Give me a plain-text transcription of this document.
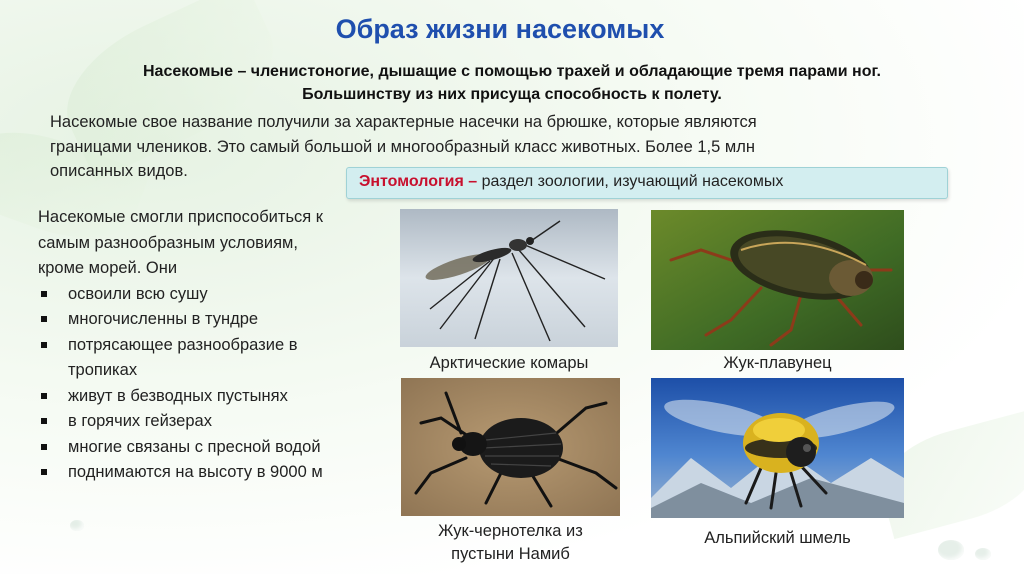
Образ жизни насекомых
Насекомые – членистоногие, дышащие с помощью трахей и обладающие тремя парами ног.
Большинству из них присуща способность к полету.
Насекомые свое название получили за характерные насечки на брюшке, которые являются
границами члеников. Это самый большой и многообразный класс животных. Более 1,5 млн
описанных видов.
Энтомология – раздел зоологии, изучающий насекомых
Насекомые смогли приспособиться к
самым разнообразным условиям,
кроме морей. Они
освоили всю сушу
многочисленны в тундре
потрясающее разнообразие в
тропиках
живут в безводных пустынях
в горячих гейзерах
многие связаны с пресной водой
поднимаются на высоту в 9000 м
Арктические комары	Жук-плавунец
Жук-чернотелка из
пустыни Намиб
Альпийский шмель
